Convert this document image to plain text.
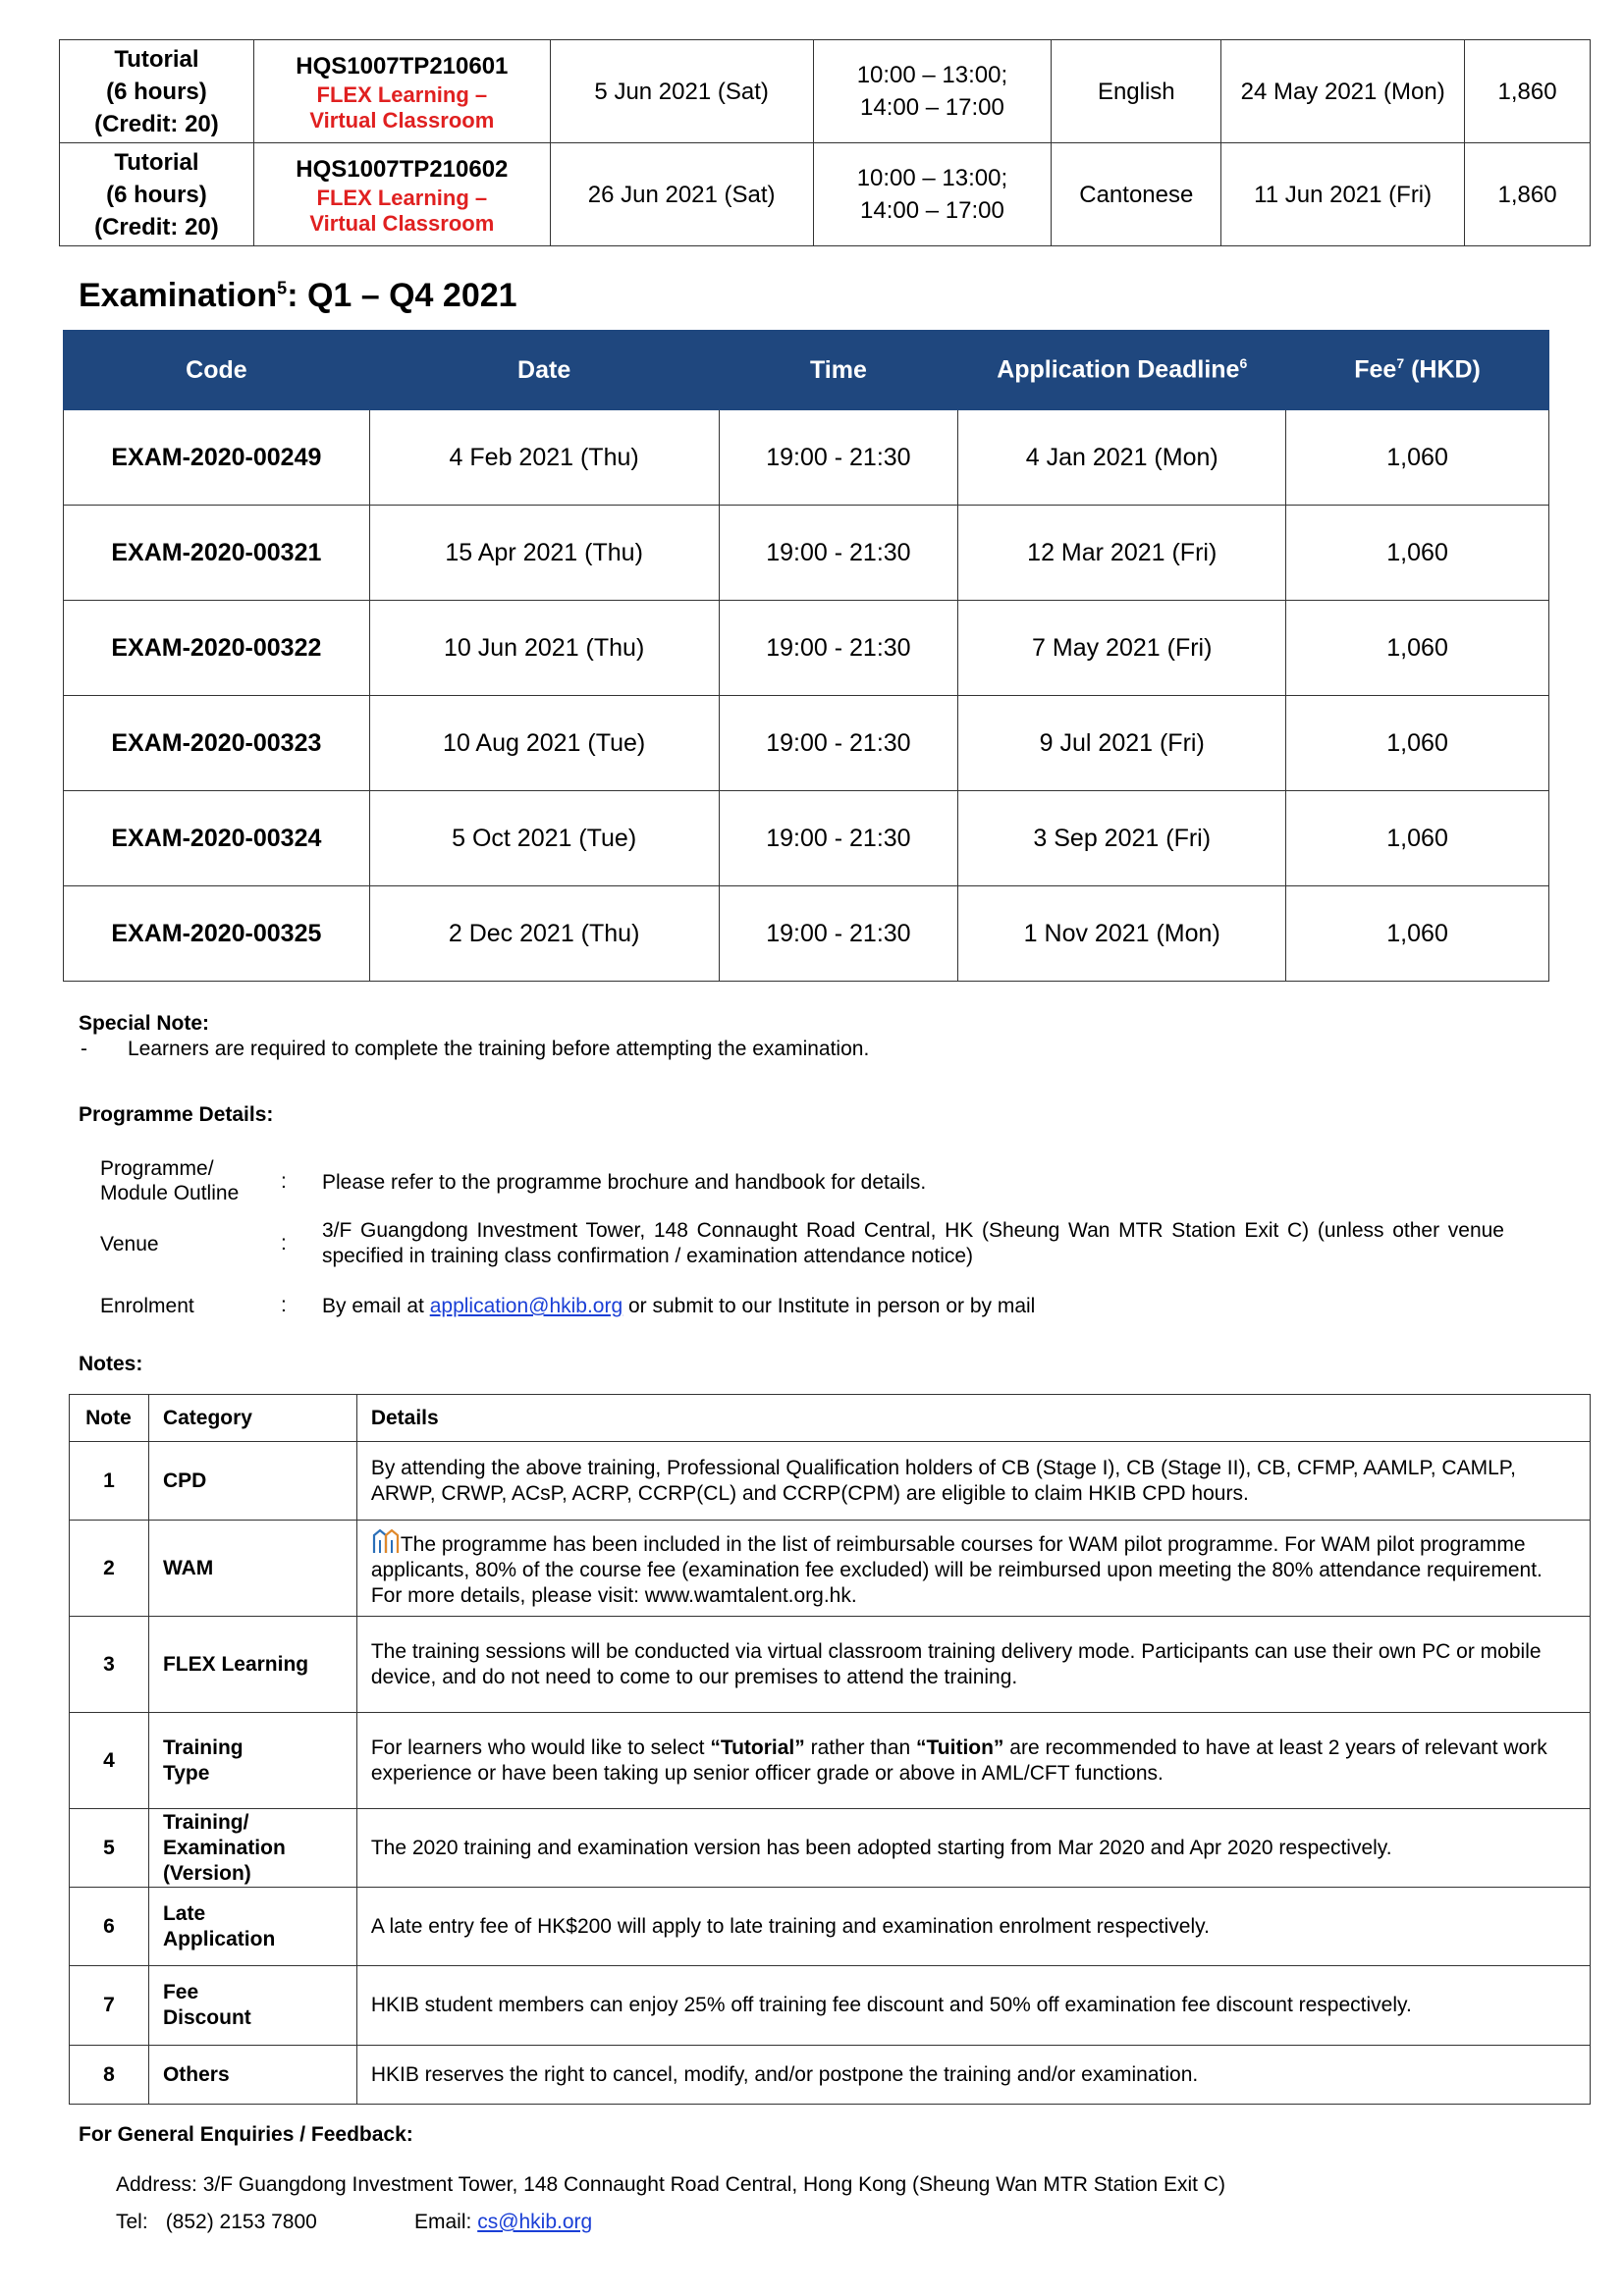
Tutorial
(6 hours)
(Credit: 20)	HQS1007TP210601
FLEX Learning –
Virtual Classroom	5 Jun 2021 (Sat)	10:00 – 13:00;
14:00 – 17:00	English	24 May 2021 (Mon)	1,860
Tutorial
(6 hours)
(Credit: 20)	HQS1007TP210602
FLEX Learning –
Virtual Classroom	26 Jun 2021 (Sat)	10:00 – 13:00;
14:00 – 17:00	Cantonese	11 Jun 2021 (Fri)	1,860
Examination$^5$: Q1 – Q4 2021
Code	Date	Time	Application Deadline$^6$	Fee$^7$ (HKD)
EXAM-2020-00249	4 Feb 2021 (Thu)	19:00 - 21:30	4 Jan 2021 (Mon)	1,060
EXAM-2020-00321	15 Apr 2021 (Thu)	19:00 - 21:30	12 Mar 2021 (Fri)	1,060
EXAM-2020-00322	10 Jun 2021 (Thu)	19:00 - 21:30	7 May 2021 (Fri)	1,060
EXAM-2020-00323	10 Aug 2021 (Tue)	19:00 - 21:30	9 Jul 2021 (Fri)	1,060
EXAM-2020-00324	5 Oct 2021 (Tue)	19:00 - 21:30	3 Sep 2021 (Fri)	1,060
EXAM-2020-00325	2 Dec 2021 (Thu)	19:00 - 21:30	1 Nov 2021 (Mon)	1,060
Special Note:
- Learners are required to complete the training before attempting the examination.
Programme Details:
Programme/
Module Outline
: Please refer to the programme brochure and handbook for details.
Venue	:
3/F Guangdong Investment Tower, 148 Connaught Road Central, HK (Sheung Wan MTR Station Exit C) (unless other venue specified in training class confirmation / examination attendance notice)
Enrolment	: By email at application@hkib.org or submit to our Institute in person or by mail
Notes:
Note	Category	Details
1	CPD	By attending the above training, Professional Qualification holders of CB (Stage I), CB (Stage II), CB, CFMP, AAMLP, CAMLP, ARWP, CRWP, ACsP, ACRP, CCRP(CL) and CCRP(CPM) are eligible to claim HKIB CPD hours.
2	WAM	The programme has been included in the list of reimbursable courses for WAM pilot programme. For WAM pilot programme applicants, 80% of the course fee (examination fee excluded) will be reimbursed upon meeting the 80% attendance requirement. For more details, please visit: www.wamtalent.org.hk.
3	FLEX Learning	The training sessions will be conducted via virtual classroom training delivery mode. Participants can use their own PC or mobile device, and do not need to come to our premises to attend the training.
4	Training
Type	For learners who would like to select “Tutorial” rather than “Tuition” are recommended to have at least 2 years of relevant work experience or have been taking up senior officer grade or above in AML/CFT functions.
5	Training/
Examination
(Version)	The 2020 training and examination version has been adopted starting from Mar 2020 and Apr 2020 respectively.
6	Late
Application	A late entry fee of HK$200 will apply to late training and examination enrolment respectively.
7	Fee
Discount	HKIB student members can enjoy 25% off training fee discount and 50% off examination fee discount respectively.
8	Others	HKIB reserves the right to cancel, modify, and/or postpone the training and/or examination.
For General Enquiries / Feedback:
Address: 3/F Guangdong Investment Tower, 148 Connaught Road Central, Hong Kong (Sheung Wan MTR Station Exit C)
Tel: (852) 2153 7800	Email: cs@hkib.org
